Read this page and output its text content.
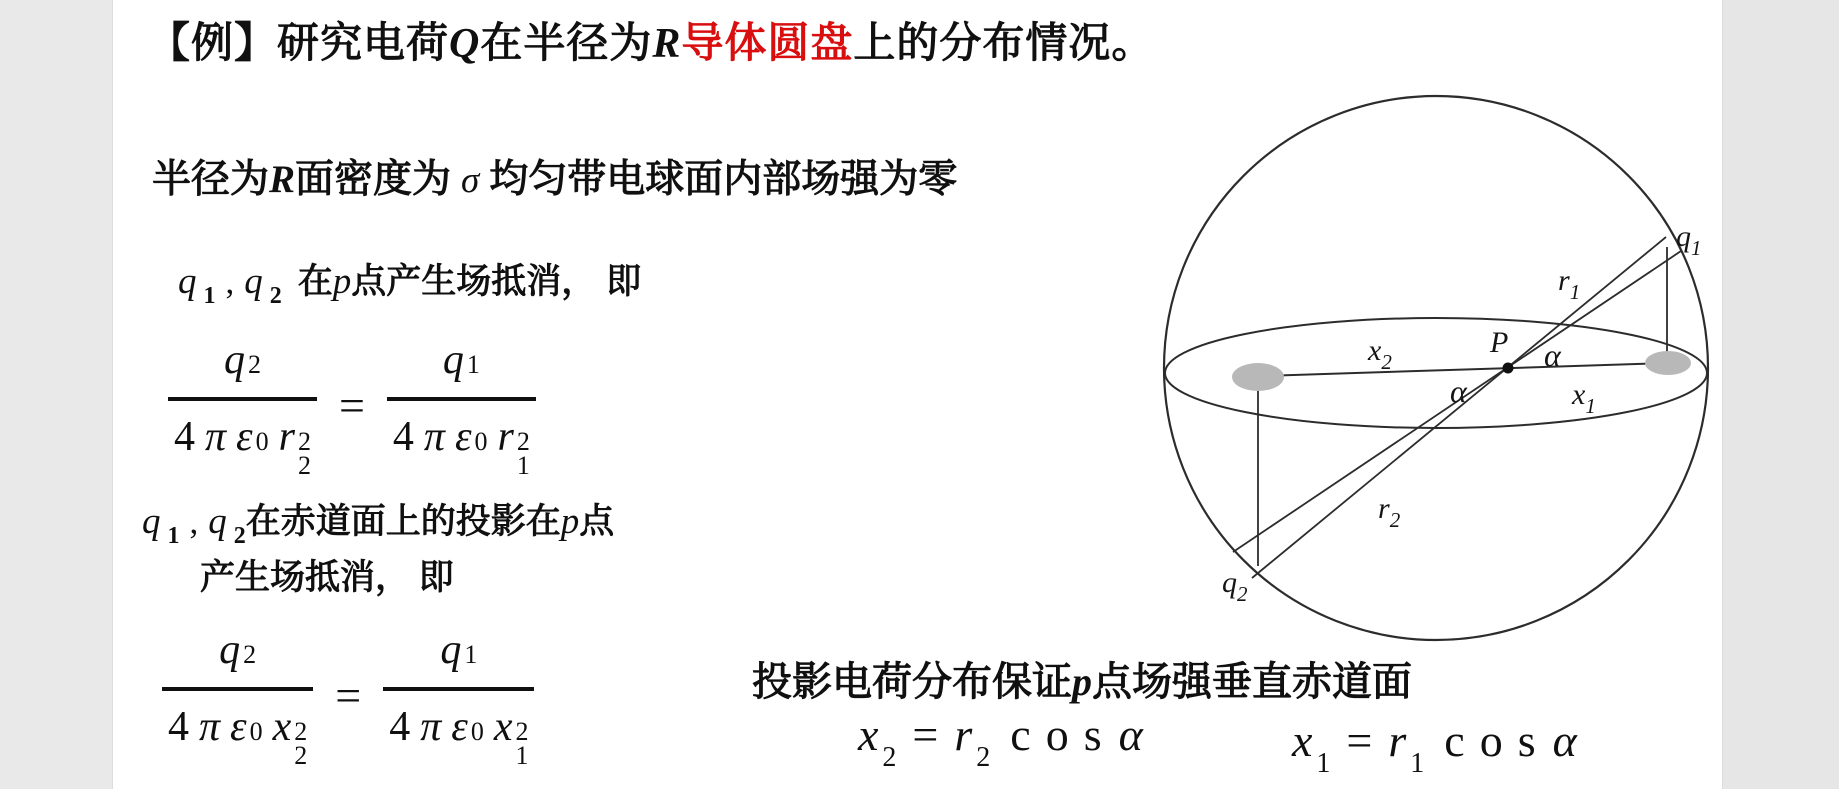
【例】研究电荷Q在半径为R导体圆盘上的分布情况。
半径为R面密度为 σ 均匀带电球面内部场强为零
q $_1$ , q $_2$ 在p点产生场抵消， 即
q 2
4 π ε 0 r 2
2 = q 1
4 π ε 0 r 2
1
q $_1$ , q $_2$在赤道面上的投影在p点
产生场抵消， 即
q 2
4 π ε 0 x 2
2 = q 1
4 π ε 0 x 2
1	投影电荷分布保证p点场强垂直赤道面
x $_2$ = r $_2$ cosα	x $_1$ = r $_1$ cosα
$q_1$
$r_1$
$x_2$
P α
α	$x_1$
$r_2$
$q_2$
